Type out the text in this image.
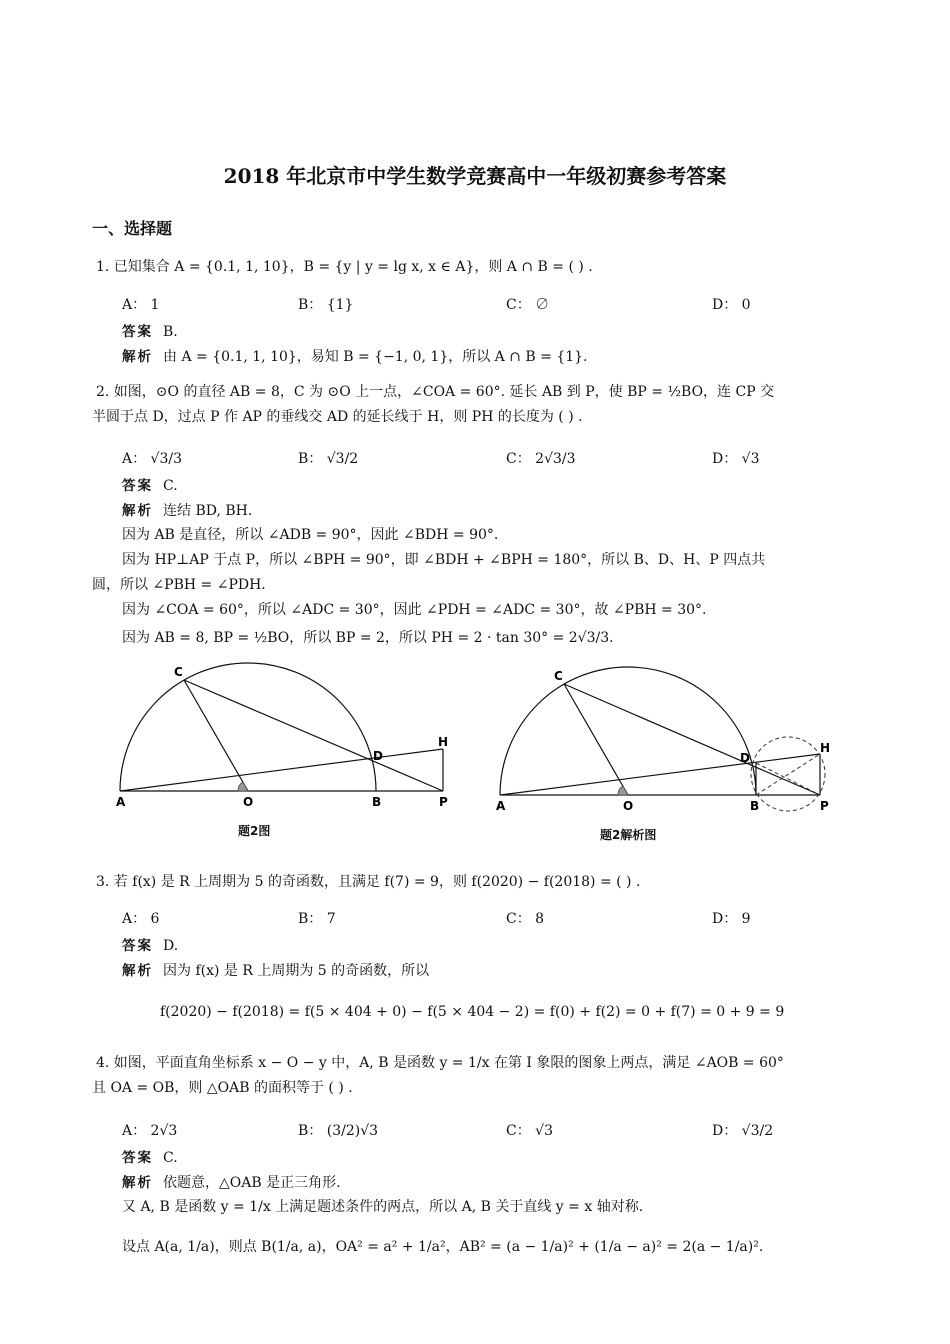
2018 年北京市中学生数学竞赛高中一年级初赛参考答案
一、选择题
1. 已知集合 A = {0.1, 1, 10}，B = {y | y = lg x, x ∈ A}，则 A ∩ B = ( ) .
A： 1	B： {1}	C： ∅	D： 0
答案 B.
解析 由 A = {0.1, 1, 10}，易知 B = {−1, 0, 1}，所以 A ∩ B = {1}.
2. 如图，⊙O 的直径 AB = 8，C 为 ⊙O 上一点，∠COA = 60°. 延长 AB 到 P，使 BP = ½BO，连 CP 交
半圆于点 D，过点 P 作 AP 的垂线交 AD 的延长线于 H，则 PH 的长度为 ( ) .
A： √3/3	B： √3/2	C： 2√3/3	D： √3
答案 C.
解析 连结 BD, BH.
因为 AB 是直径，所以 ∠ADB = 90°，因此 ∠BDH = 90°.
因为 HP⊥AP 于点 P，所以 ∠BPH = 90°，即 ∠BDH + ∠BPH = 180°，所以 B、D、H、P 四点共
圆，所以 ∠PBH = ∠PDH.
因为 ∠COA = 60°，所以 ∠ADC = 30°，因此 ∠PDH = ∠ADC = 30°，故 ∠PBH = 30°.
因为 AB = 8, BP = ½BO，所以 BP = 2，所以 PH = 2 · tan 30° = 2√3/3.
C
D
H
A	O	B	P
题2图
C
D
H
A	O	B	P
题2解析图
3. 若 f(x) 是 R 上周期为 5 的奇函数，且满足 f(7) = 9，则 f(2020) − f(2018) = ( ) .
A： 6	B： 7	C： 8	D： 9
答案 D.
解析 因为 f(x) 是 R 上周期为 5 的奇函数，所以
f(2020) − f(2018) = f(5 × 404 + 0) − f(5 × 404 − 2) = f(0) + f(2) = 0 + f(7) = 0 + 9 = 9
4. 如图，平面直角坐标系 x − O − y 中，A, B 是函数 y = 1/x 在第 I 象限的图象上两点，满足 ∠AOB = 60°
且 OA = OB，则 △OAB 的面积等于 ( ) .
A： 2√3	B： (3/2)√3	C： √3	D： √3/2
答案 C.
解析 依题意，△OAB 是正三角形.
又 A, B 是函数 y = 1/x 上满足题述条件的两点，所以 A, B 关于直线 y = x 轴对称.
设点 A(a, 1/a)，则点 B(1/a, a)，OA² = a² + 1/a²，AB² = (a − 1/a)² + (1/a − a)² = 2(a − 1/a)².
